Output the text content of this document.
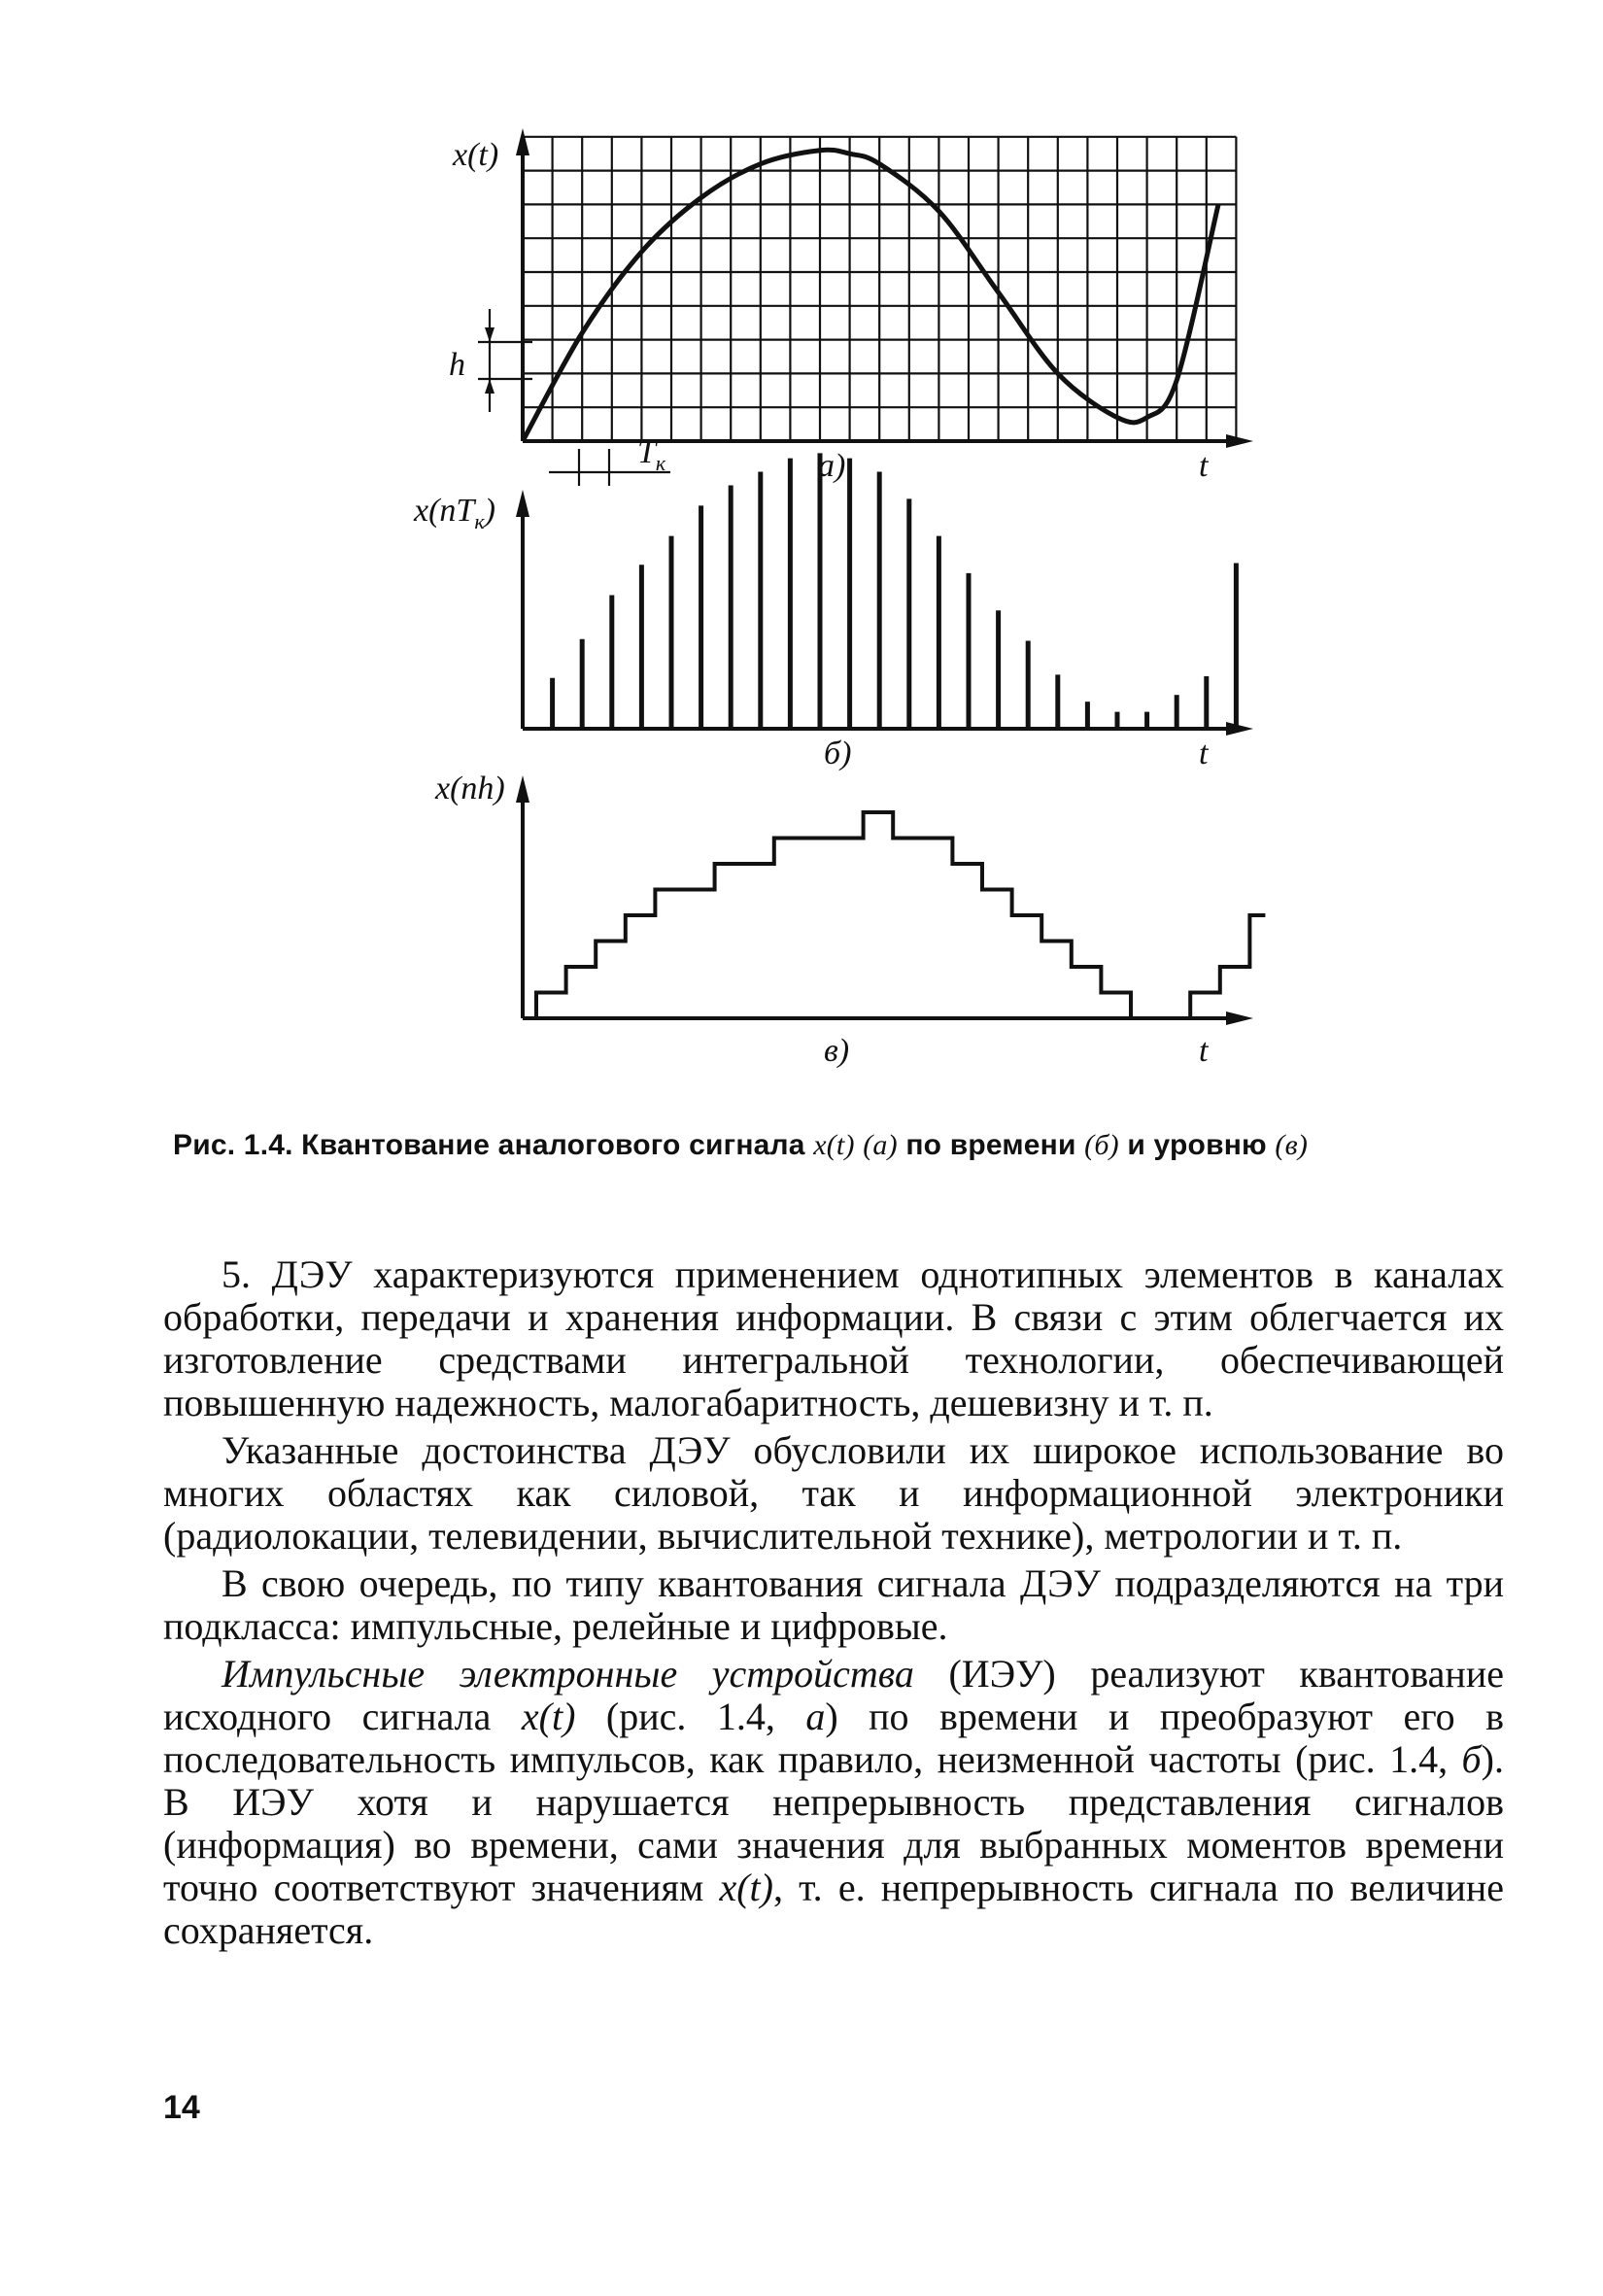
h
$T_к$
x(t)
а)	t
$x(nT_к)$
б)	t
x(nh)
в)	t
Рис. 1.4. Квантование аналогового сигнала x(t) (а) по времени (б) и уровню (в)

5. ДЭУ характеризуются применением однотипных элементов в каналах обработки, передачи и хранения информации. В связи с этим облегчается их изготовление средствами интегральной технологии, обеспечивающей повышенную надежность, малогабаритность, дешевизну и т. п.

Указанные достоинства ДЭУ обусловили их широкое использование во многих областях как силовой, так и информационной электроники (радиолокации, телевидении, вычислительной технике), метрологии и т. п.

В свою очередь, по типу квантования сигнала ДЭУ подразделяются на три подкласса: импульсные, релейные и цифровые.

Импульсные электронные устройства (ИЭУ) реализуют квантование исходного сигнала x(t) (рис. 1.4, а) по времени и преобразуют его в последовательность импульсов, как правило, неизменной частоты (рис. 1.4, б). В ИЭУ хотя и нарушается непрерывность представления сигналов (информация) во времени, сами значения для выбранных моментов времени точно соответствуют значениям x(t), т. е. непрерывность сигнала по величине сохраняется.

14
